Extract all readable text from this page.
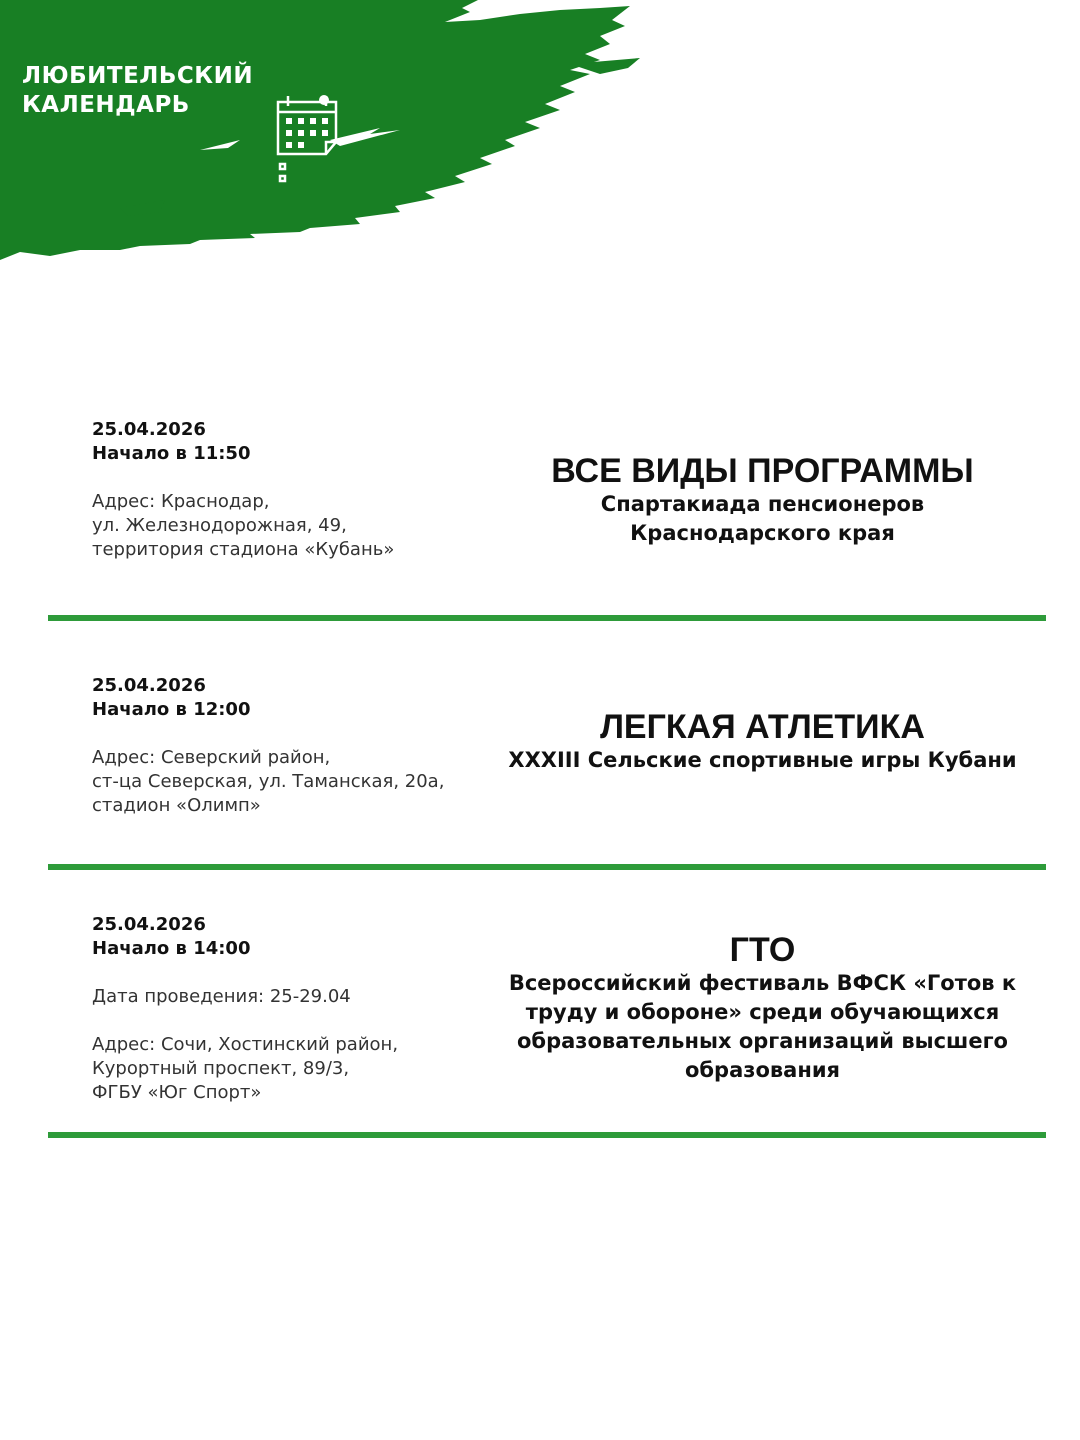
ЛЮБИТЕЛЬСКИЙ
КАЛЕНДАРЬ
25.04.2026
Начало в 11:50
Адрес: Краснодар,
ул. Железнодорожная, 49,
территория стадиона «Кубань»
ВСЕ ВИДЫ ПРОГРАММЫ
Спартакиада пенсионеров
Краснодарского края
25.04.2026
Начало в 12:00
Адрес: Северский район,
ст-ца Северская, ул. Таманская, 20а,
стадион «Олимп»
ЛЕГКАЯ АТЛЕТИКА
XXXIII Сельские спортивные игры Кубани
25.04.2026
Начало в 14:00
Дата проведения: 25-29.04
Адрес: Сочи, Хостинский район,
Курортный проспект, 89/3,
ФГБУ «Юг Спорт»
ГТО
Всероссийский фестиваль ВФСК «Готов к
труду и обороне» среди обучающихся
образовательных организаций высшего
образования
